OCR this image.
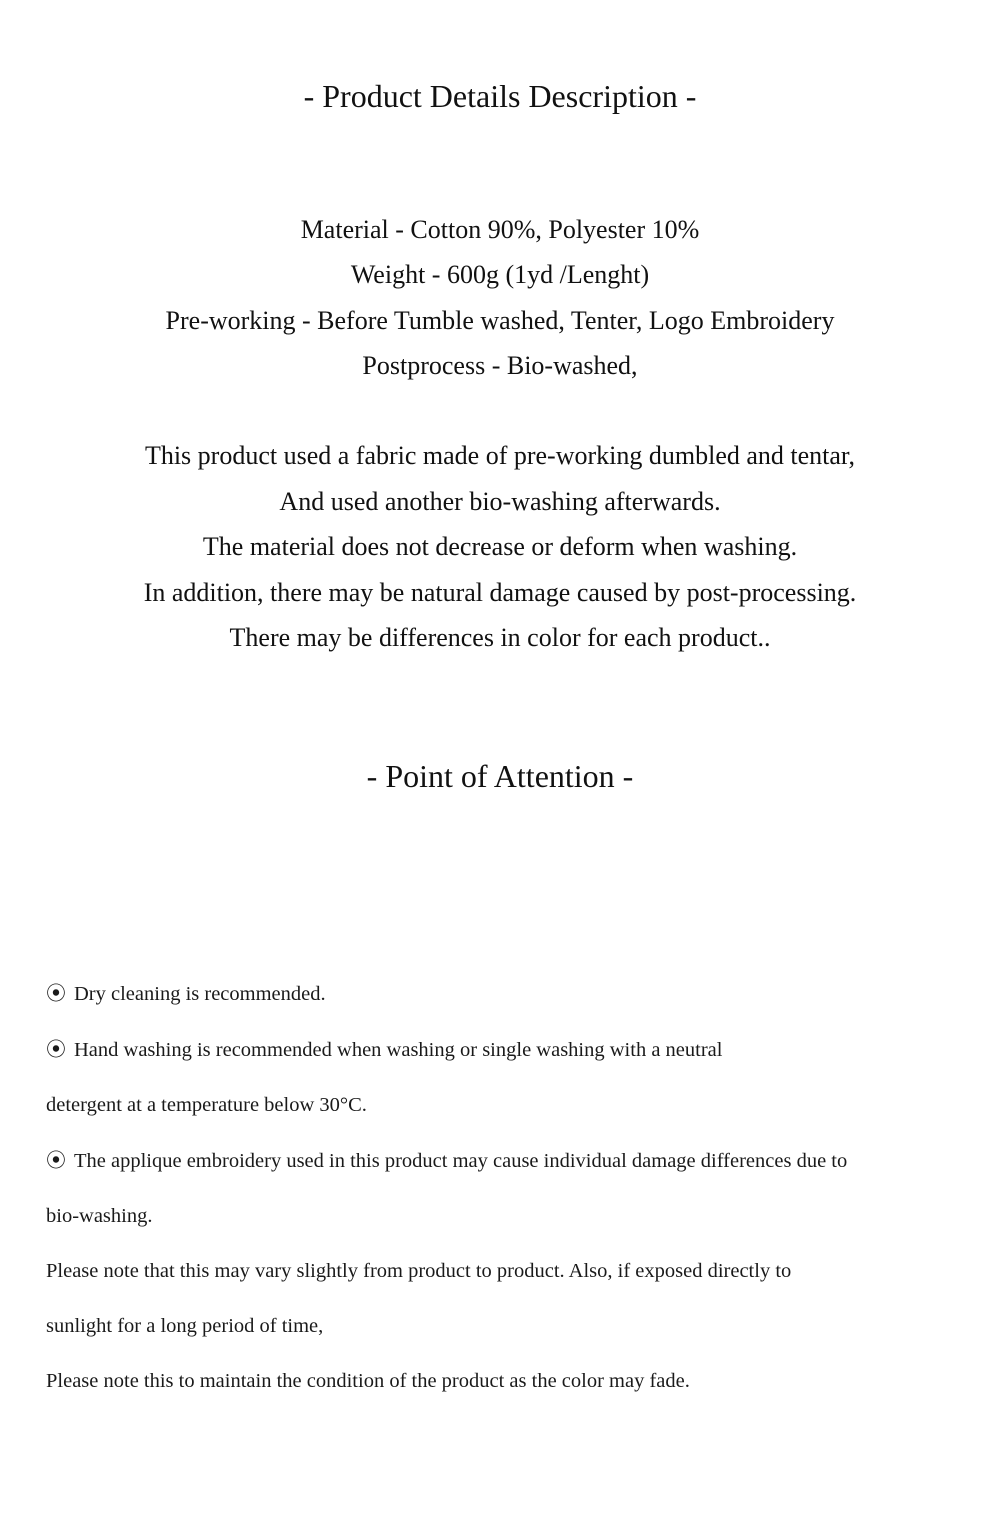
- Product Details Description -
Material - Cotton 90%, Polyester 10%
Weight - 600g (1yd /Lenght)
Pre-working - Before Tumble washed, Tenter, Logo Embroidery
Postprocess - Bio-washed,
This product used a fabric made of pre-working dumbled and tentar,
And used another bio-washing afterwards.
The material does not decrease or deform when washing.
In addition, there may be natural damage caused by post-processing.
There may be differences in color for each product..
- Point of Attention -
⦿ Dry cleaning is recommended.
⦿ Hand washing is recommended when washing or single washing with a neutral
detergent at a temperature below 30°C.
⦿ The applique embroidery used in this product may cause individual damage differences due to
bio-washing.
Please note that this may vary slightly from product to product. Also, if exposed directly to
sunlight for a long period of time,
Please note this to maintain the condition of the product as the color may fade.
